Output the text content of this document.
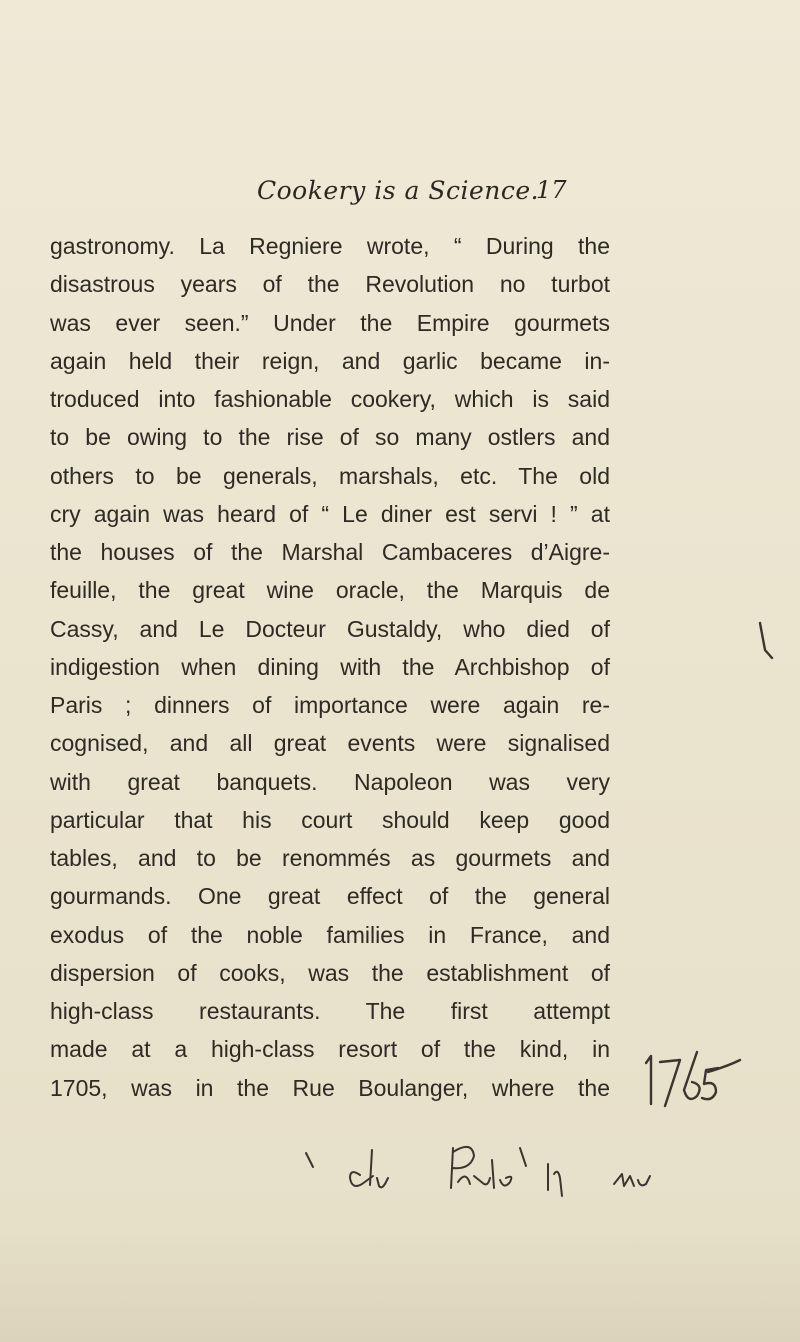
Cookery is a Science.
17
gastronomy. La Regniere wrote, “ During the
disastrous years of the Revolution no turbot
was ever seen.” Under the Empire gourmets
again held their reign, and garlic became in-
troduced into fashionable cookery, which is said
to be owing to the rise of so many ostlers and
others to be generals, marshals, etc. The old
cry again was heard of “ Le diner est servi ! ” at
the houses of the Marshal Cambaceres d’Aigre-
feuille, the great wine oracle, the Marquis de
Cassy, and Le Docteur Gustaldy, who died of
indigestion when dining with the Archbishop of
Paris ; dinners of importance were again re-
cognised, and all great events were signalised
with great banquets. Napoleon was very
particular that his court should keep good
tables, and to be renommés as gourmets and
gourmands. One great effect of the general
exodus of the noble families in France, and
dispersion of cooks, was the establishment of
high-class restaurants. The first attempt
made at a high-class resort of the kind, in
1705, was in the Rue Boulanger, where the
